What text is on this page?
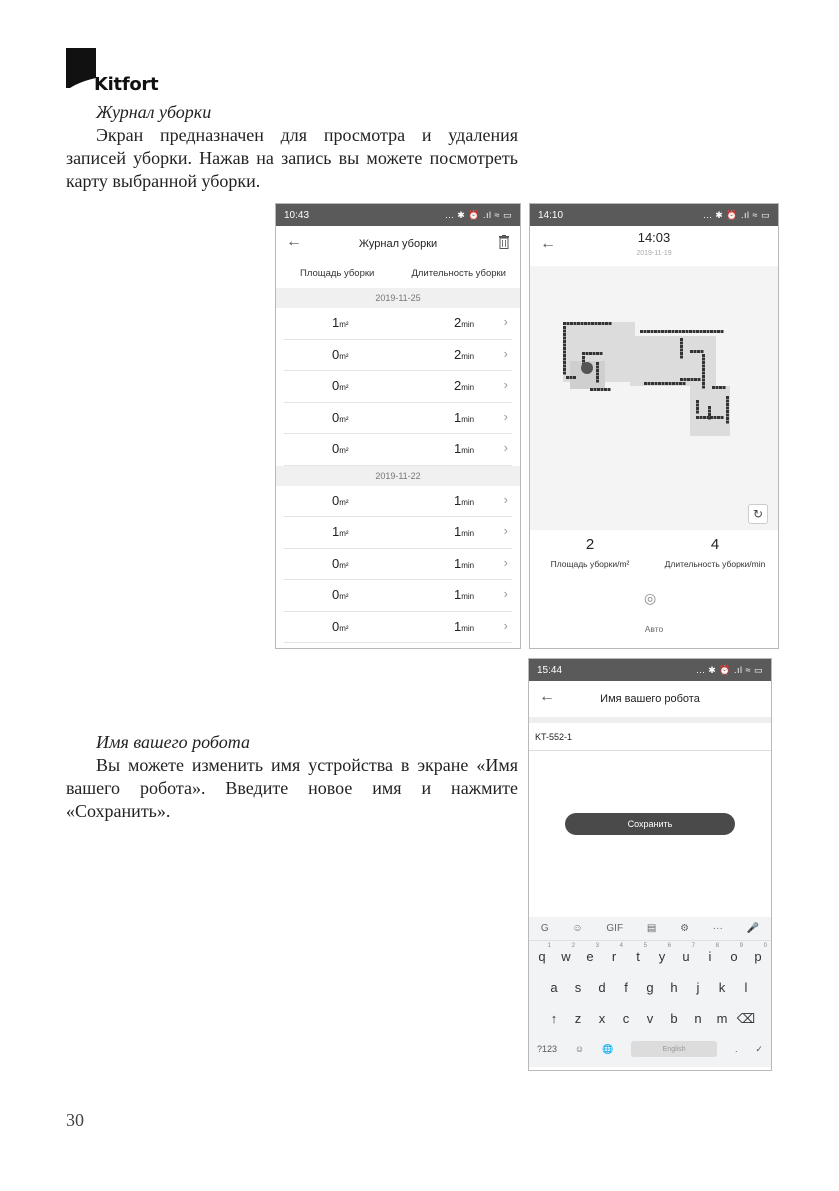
Kitfort
Журнал уборки
Экран предназначен для просмотра и удаления записей уборки. Нажав на запись вы можете посмотреть карту выбранной уборки.
Имя вашего робота
Вы можете изменить имя устройства в экране «Имя вашего робота». Введите новое имя и нажмите «Сохранить».
30
10:43	... ✱ ⏰ .ıl ≈ ▭
←	Журнал уборки
Площадь уборки	Длительность уборки
2019-11-25
1m²	2min ›
0m²	2min ›
0m²	2min ›
0m²	1min ›
0m²	1min ›
2019-11-22
0m²	1min ›
1m²	1min ›
0m²	1min ›
0m²	1min ›
0m²	1min ›
14:10	... ✱ ⏰ .ıl ≈ ▭
←	14:03
2019-11-19
↻
2
Площадь уборки/m²
4
Длительность уборки/min
◎
Авто
15:44	... ✱ ⏰ .ıl ≈ ▭
←	Имя вашего робота
KT-552-1
Сохранить
G ☺ GIF ▤ ⚙ ··· 🎤
q
1
w
2
e
3
r
4
t
5
y
6
u
7
i
8
o
9
p
0
a	s	d	f	g	h	j	k	l
↑	z	x	c	v	b	n	m ⌫
?123 ☺ 🌐	English	. ✓
